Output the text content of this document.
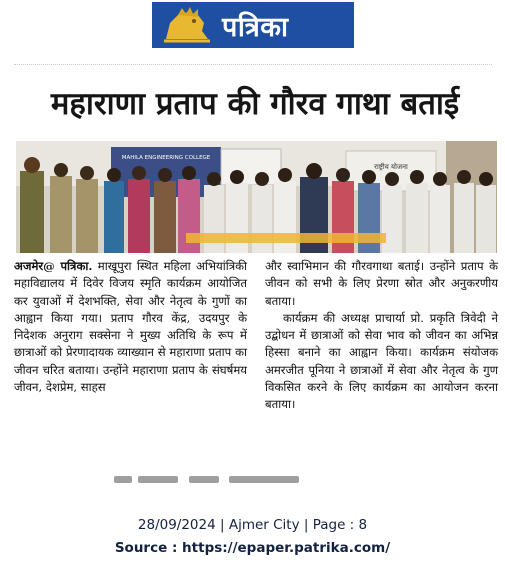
पत्रिका
महाराणा प्रताप की गौरव गाथा बताई
MAHILA ENGINEERING COLLEGE
राष्ट्रीय योजना
अजमेर@ पत्रिका. माखूपुरा स्थित महिला अभियांत्रिकी महाविद्यालय में दिवेर विजय स्मृति कार्यक्रम आयोजित कर युवाओं में देशभक्ति, सेवा और नेतृत्व के गुणों का आह्वान किया गया। प्रताप गौरव केंद्र, उदयपुर के निदेशक अनुराग सक्सेना ने मुख्य अतिथि के रूप में छात्राओं को प्रेरणादायक व्याख्यान से महाराणा प्रताप का जीवन चरित बताया। उन्होंने महाराणा प्रताप के संघर्षमय जीवन, देशप्रेम, साहस
और स्वाभिमान की गौरवगाथा बताई। उन्होंने प्रताप के जीवन को सभी के लिए प्रेरणा स्रोत और अनुकरणीय बताया।
कार्यक्रम की अध्यक्ष प्राचार्या प्रो. प्रकृति त्रिवेदी ने उद्बोधन में छात्राओं को सेवा भाव को जीवन का अभिन्न हिस्सा बनाने का आह्वान किया। कार्यक्रम संयोजक अमरजीत पूनिया ने छात्राओं में सेवा और नेतृत्व के गुण विकसित करने के लिए कार्यक्रम का आयोजन करना बताया।
28/09/2024 | Ajmer City | Page : 8
Source : https://epaper.patrika.com/
